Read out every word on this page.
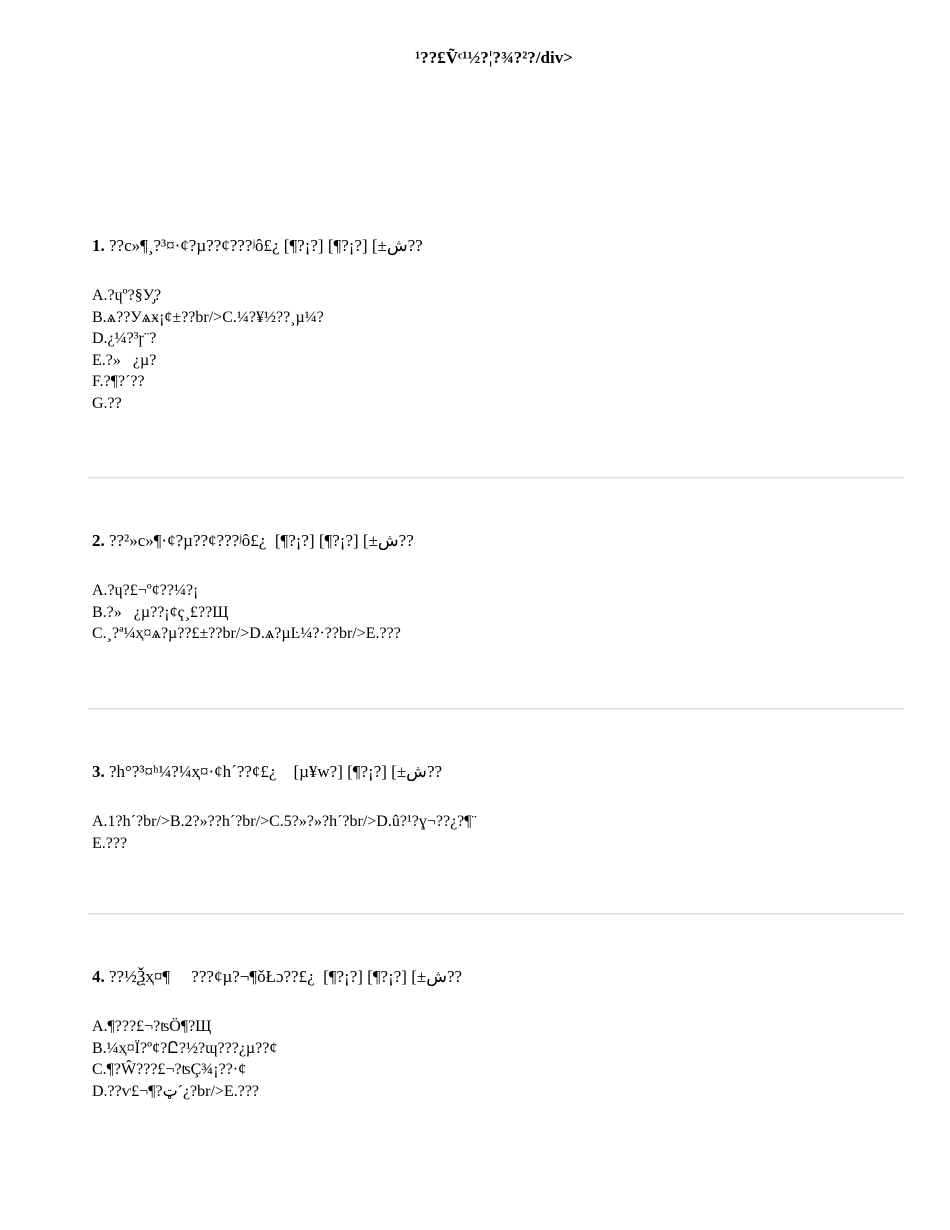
¹??£Ṽᶜ¹½?¦?¾?²?/div>
1. ??с»¶¸?³¤·¢?µ??¢???ʲô£¿ [¶?¡?] [¶?¡?] [±ش??
A.?ɥº?§У̡?
B.ѧ??Уѧӿ¡¢±??br/>C.¼?¥½??¸µ¼?
D.¿¼?³ɼ¨?
E.?»   ¿µ?
F.?¶?´??
G.??
2. ??²»с»¶·¢?µ??¢???ʲô£¿  [¶?¡?] [¶?¡?] [±ش??
A.?ɥ?£¬º¢??¼?¡
B.?»   ¿µ??¡¢ҁ¸£??Щ
C.¸?ª¼ҳ¤ѧ?µ??£±??br/>D.ѧ?µĿ¼?·??br/>E.???
3. ?h°?³¤ʰ¼?¼ҳ¤·¢h´??¢£¿    [µ¥w?] [¶?¡?] [±ش??
A.1?h´?br/>B.2?»??h´?br/>C.5?»?»?h´?br/>D.û?¹?ɣ¬??¿?¶¨
E.???
4. ??½Ѯҳ¤¶     ???¢µ?¬¶ǒŁɔ??£¿  [¶?¡?] [¶?¡?] [±ش??
A.¶???£¬?ʦÖ¶?Щ
B.¼ҳ¤Ï?º¢?Ը?½?ɰ???¿µ??¢
C.¶?Ŵ???£¬?ʦÇ¾¡??·¢
D.??ѵ£¬¶?ټ´¿?br/>E.???
